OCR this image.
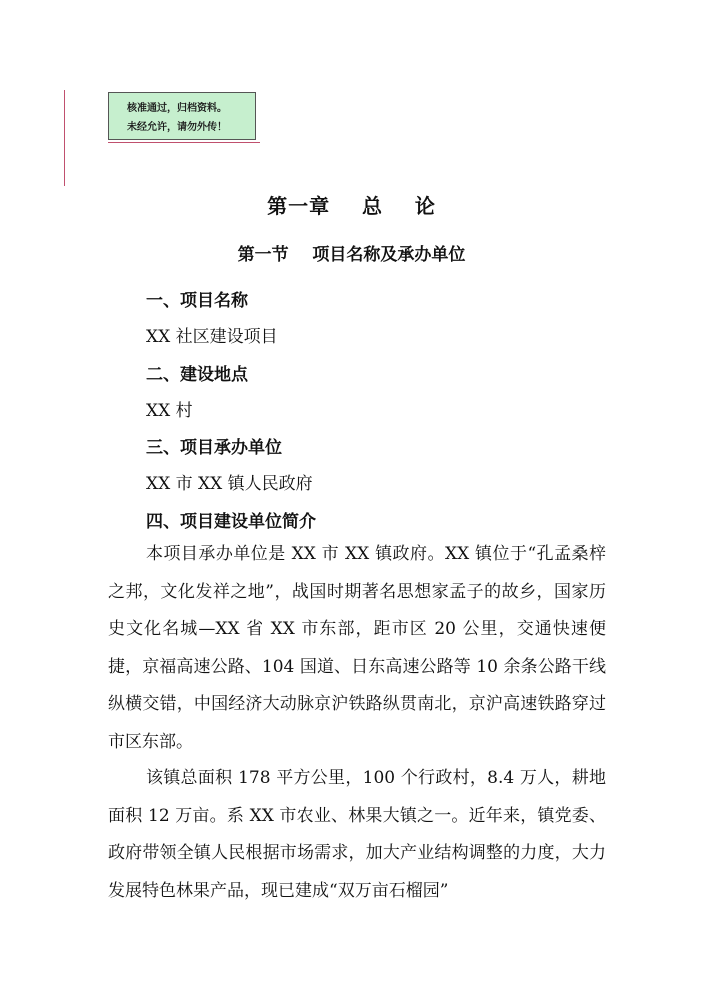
核准通过，归档资料。
未经允许，请勿外传！
第一章    总    论
第一节    项目名称及承办单位
一、项目名称
XX 社区建设项目
二、建设地点
XX 村
三、项目承办单位
XX 市 XX 镇人民政府
四、项目建设单位简介
本项目承办单位是 XX 市 XX 镇政府。XX 镇位于“孔孟桑梓之邦，文化发祥之地”，战国时期著名思想家孟子的故乡，国家历史文化名城—XX 省 XX 市东部，距市区 20 公里，交通快速便捷，京福高速公路、104 国道、日东高速公路等 10 余条公路干线纵横交错，中国经济大动脉京沪铁路纵贯南北，京沪高速铁路穿过市区东部。
该镇总面积 178 平方公里，100 个行政村，8.4 万人，耕地面积 12 万亩。系 XX 市农业、林果大镇之一。近年来，镇党委、政府带领全镇人民根据市场需求，加大产业结构调整的力度，大力发展特色林果产品，现已建成“双万亩石榴园”
